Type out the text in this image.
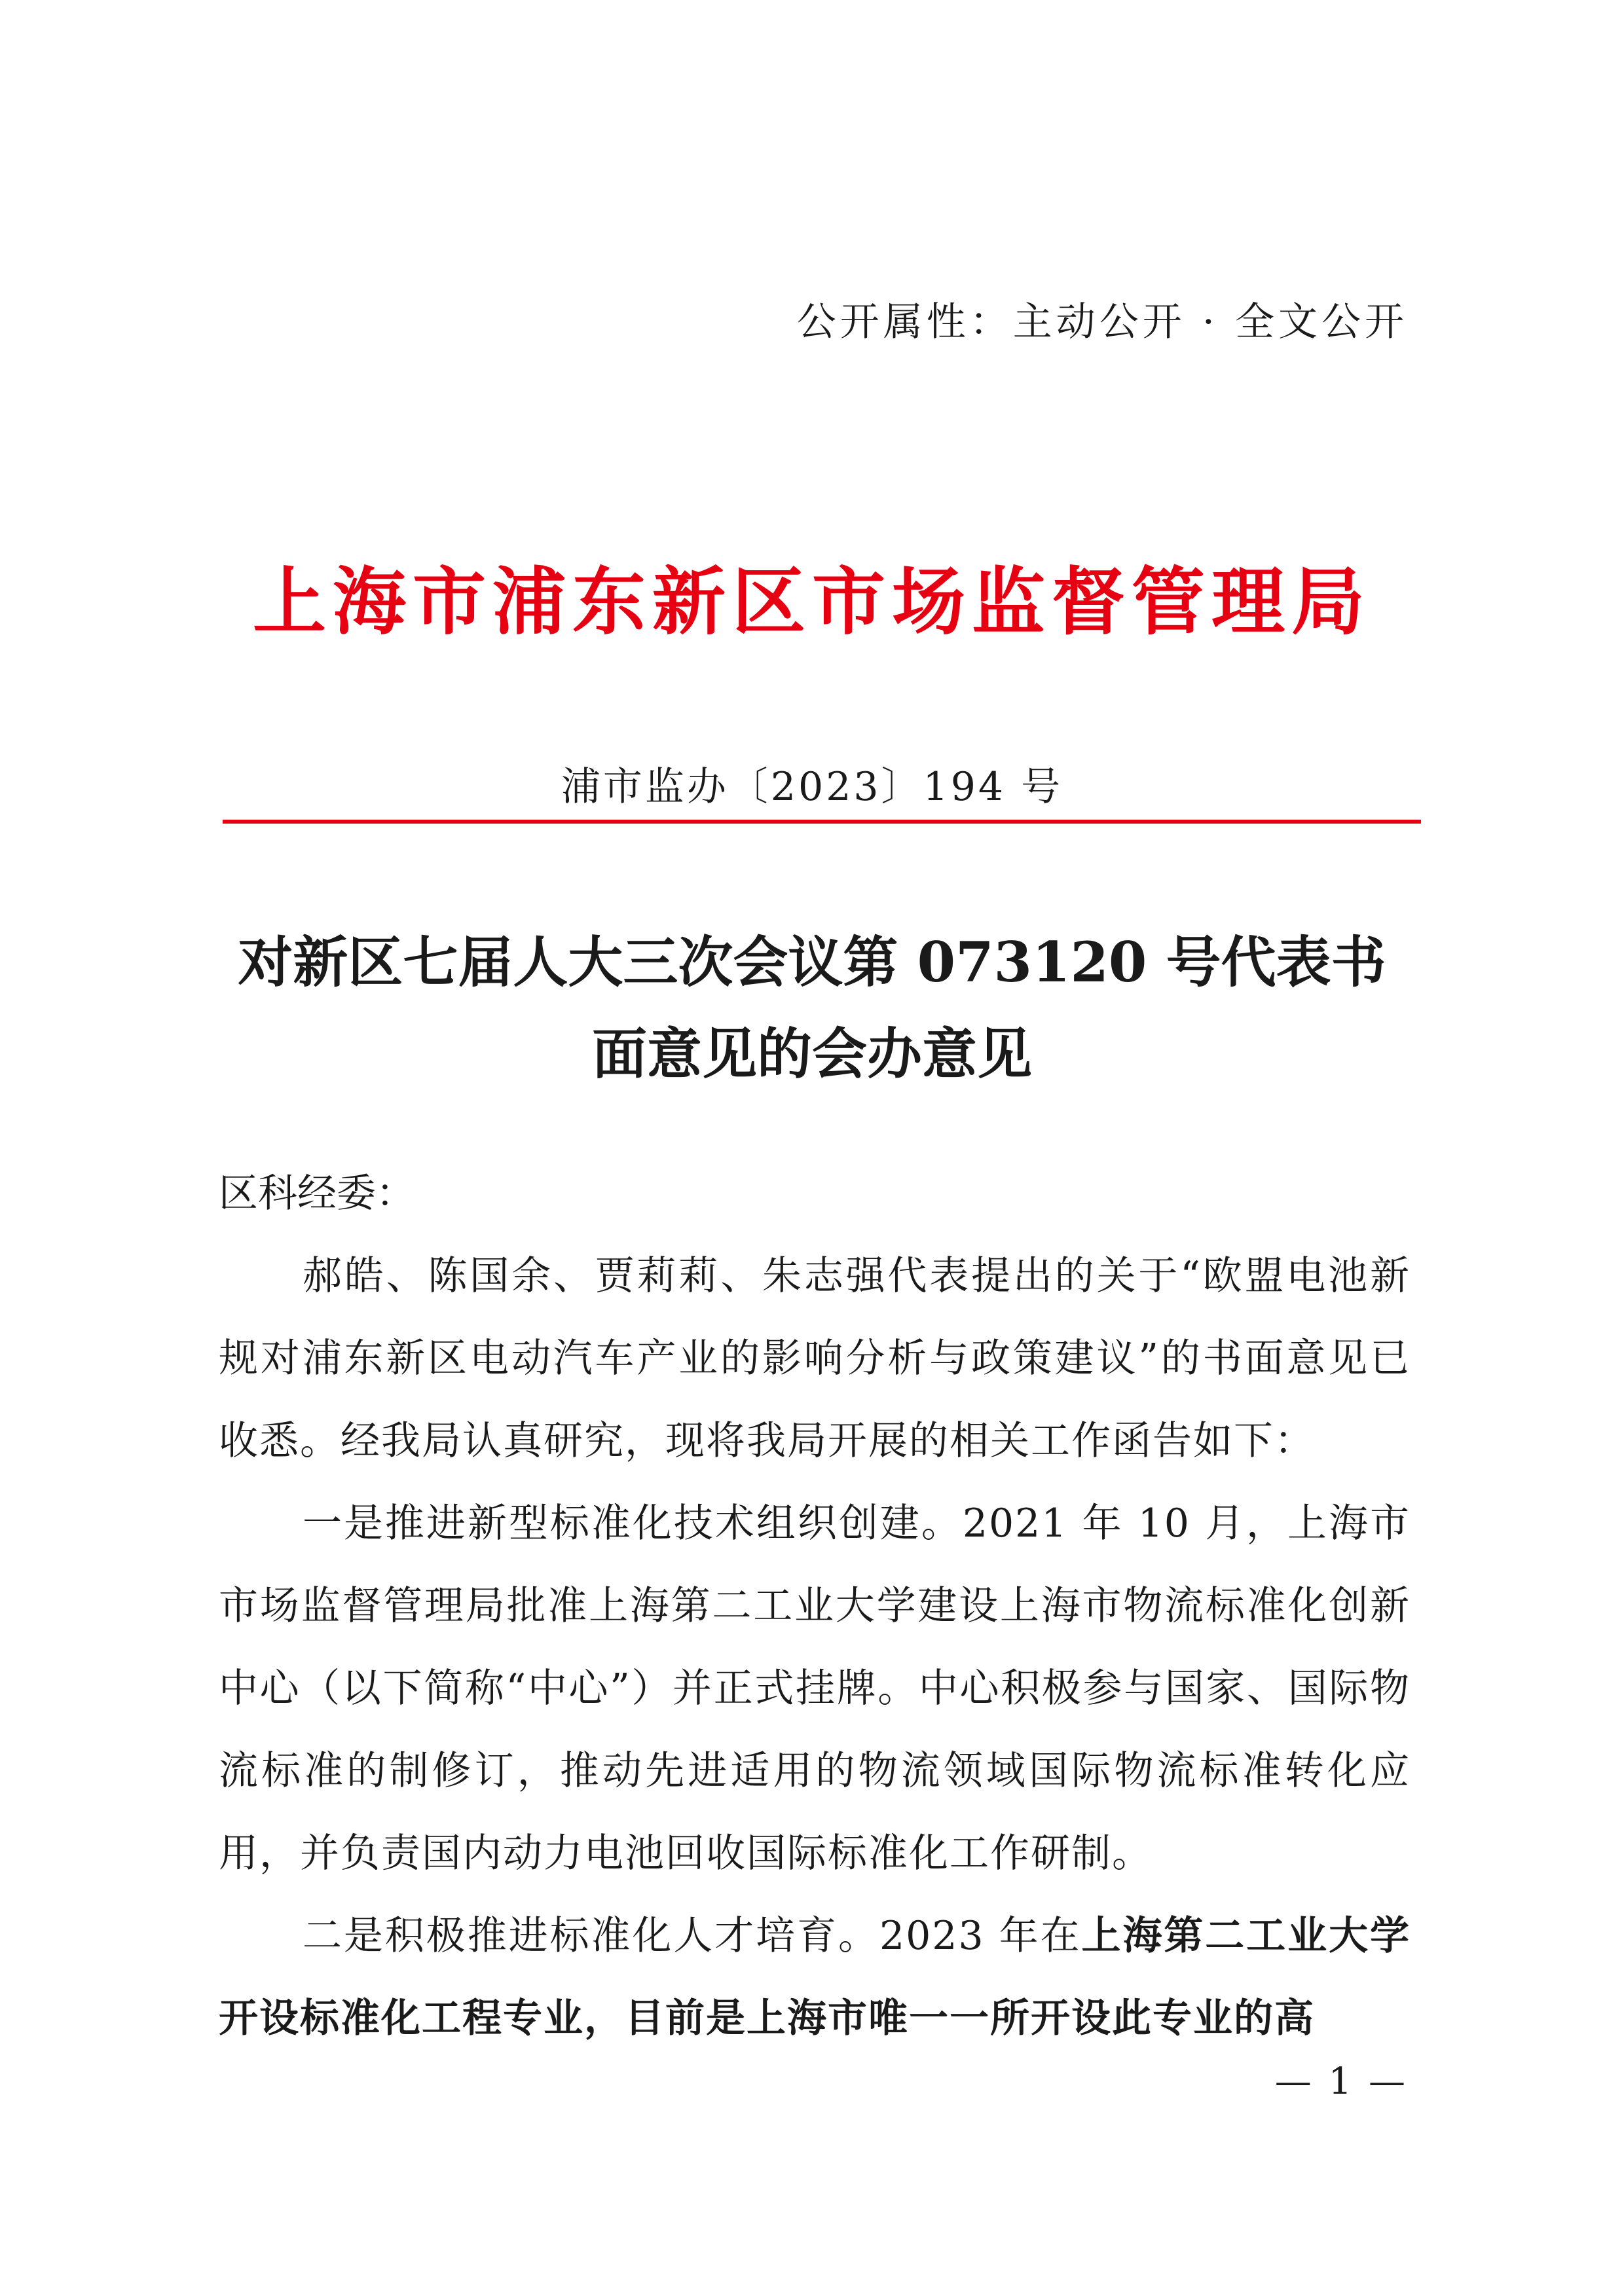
公开属性：主动公开 · 全文公开
上海市浦东新区市场监督管理局
浦市监办〔2023〕194 号
对新区七届人大三次会议第 073120 号代表书
面意见的会办意见

区科经委：

郝皓、陈国余、贾莉莉、朱志强代表提出的关于“欧盟电池新规对浦东新区电动汽车产业的影响分析与政策建议”的书面意见已收悉。经我局认真研究，现将我局开展的相关工作函告如下：

一是推进新型标准化技术组织创建。2021 年 10 月，上海市市场监督管理局批准上海第二工业大学建设上海市物流标准化创新中心（以下简称“中心”）并正式挂牌。中心积极参与国家、国际物流标准的制修订，推动先进适用的物流领域国际物流标准转化应用，并负责国内动力电池回收国际标准化工作研制。

二是积极推进标准化人才培育。2023 年在上海第二工业大学开设标准化工程专业，目前是上海市唯一一所开设此专业的高

— 1 —
